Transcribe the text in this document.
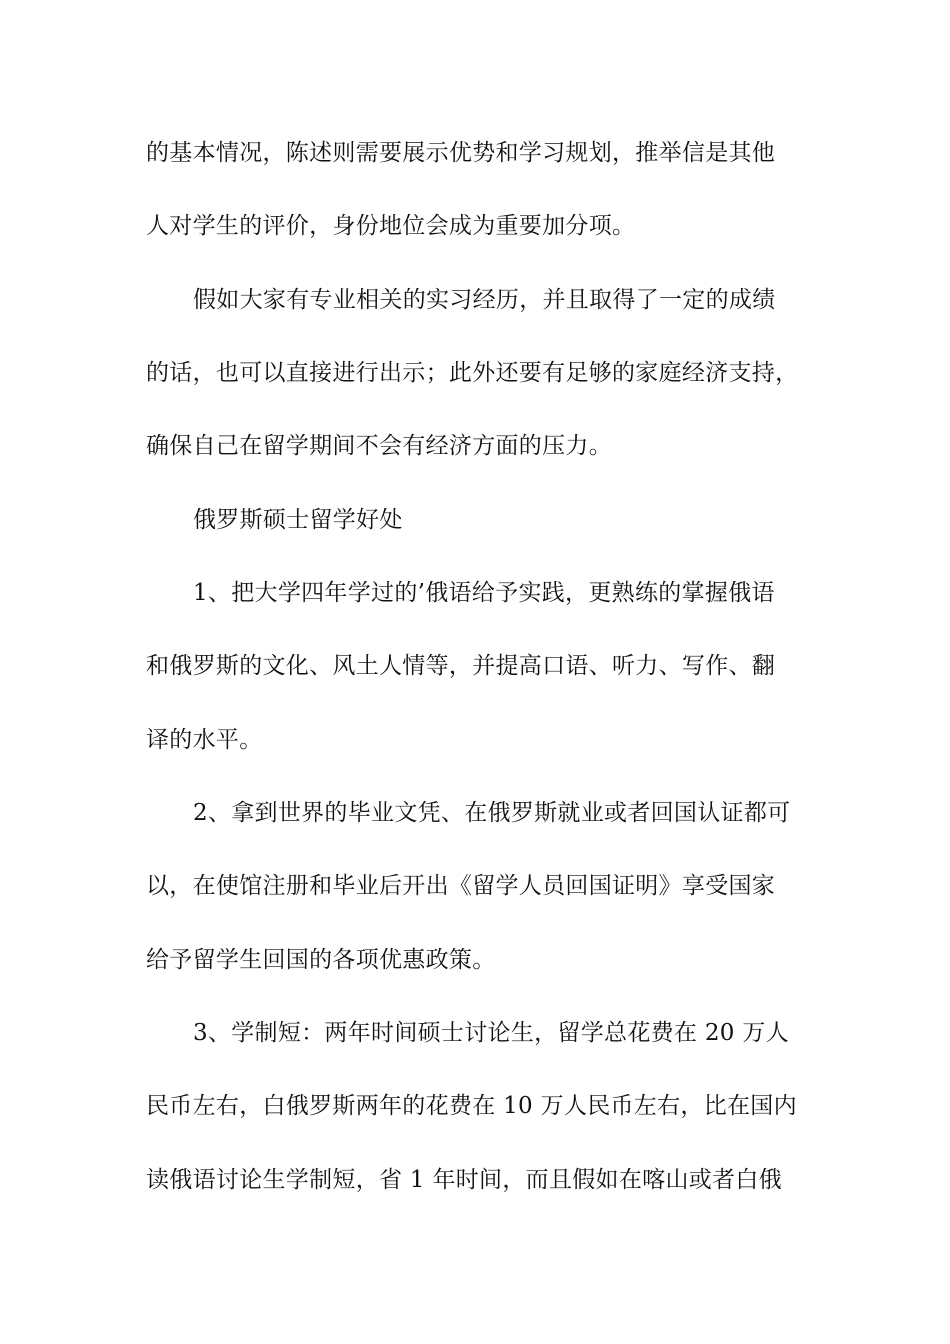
的基本情况，陈述则需要展示优势和学习规划，推举信是其他
人对学生的评价，身份地位会成为重要加分项。
假如大家有专业相关的实习经历，并且取得了一定的成绩
的话，也可以直接进行出示；此外还要有足够的家庭经济支持，
确保自己在留学期间不会有经济方面的压力。
俄罗斯硕士留学好处
1、把大学四年学过的’俄语给予实践，更熟练的掌握俄语
和俄罗斯的文化、风土人情等，并提高口语、听力、写作、翻
译的水平。
2、拿到世界的毕业文凭、在俄罗斯就业或者回国认证都可
以，在使馆注册和毕业后开出《留学人员回国证明》享受国家
给予留学生回国的各项优惠政策。
3、学制短：两年时间硕士讨论生，留学总花费在 20 万人
民币左右，白俄罗斯两年的花费在 10 万人民币左右，比在国内
读俄语讨论生学制短，省 1 年时间，而且假如在喀山或者白俄
